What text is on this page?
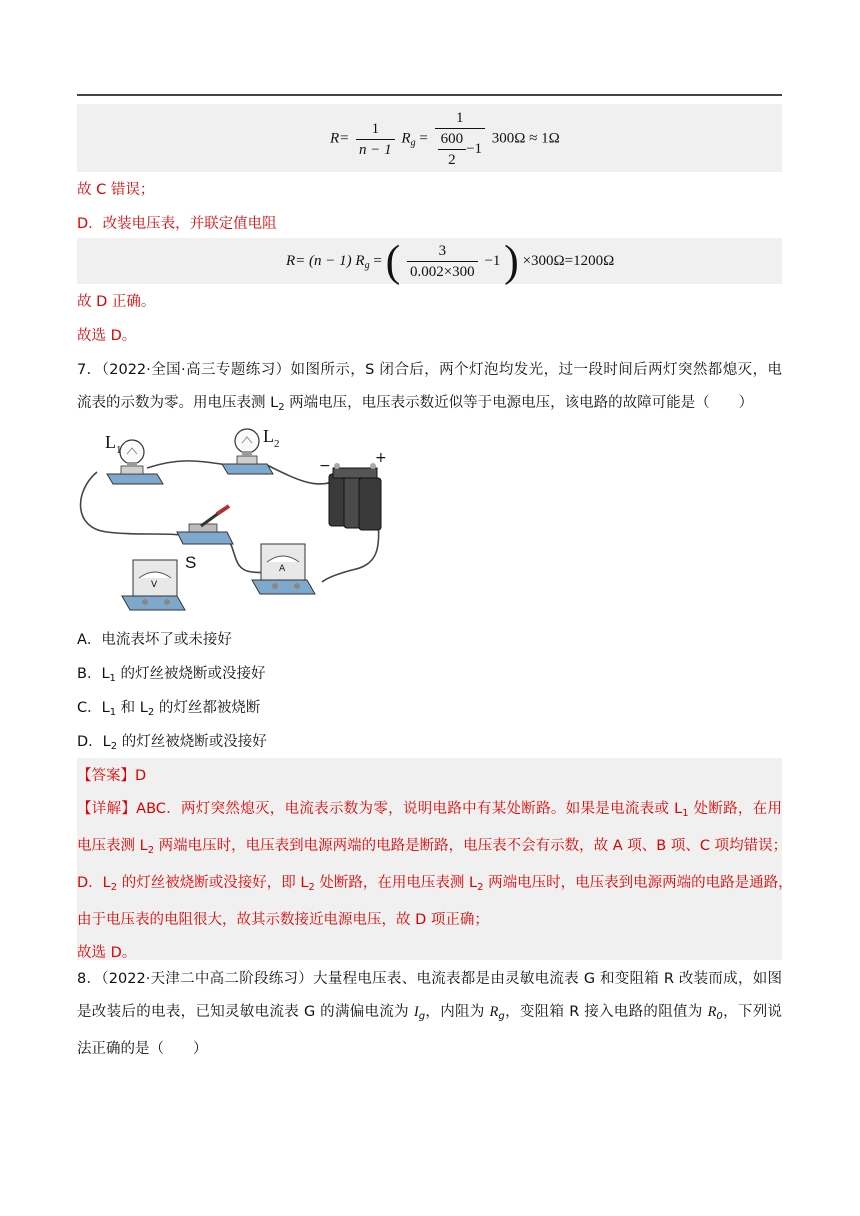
$R= \frac{1}{n - 1} R_g = \frac{1}{\frac{600}{2} -1} 300\Omega \approx 1\Omega$
故 C 错误；
D．改装电压表，并联定值电阻
R= (n − 1) $R_g$ = ( $\frac{3}{0.002\times 300} -1$ ) ×300Ω=1200Ω
故 D 正确。
故选 D。
7．（2022·全国·高三专题练习）如图所示，S 闭合后，两个灯泡均发光，过一段时间后两灯突然都熄灭，电
流表的示数为零。用电压表测 $L_2$ 两端电压，电压表示数近似等于电源电压，该电路的故障可能是（　　）
$L_1$
$L_2$
−	+
S
V
A
A．电流表坏了或未接好
B．$L_1$ 的灯丝被烧断或没接好
C．$L_1$ 和 $L_2$ 的灯丝都被烧断
D．$L_2$ 的灯丝被烧断或没接好
【答案】D
【详解】ABC．两灯突然熄灭，电流表示数为零，说明电路中有某处断路。如果是电流表或 $L_1$ 处断路，在用
电压表测 $L_2$ 两端电压时，电压表到电源两端的电路是断路，电压表不会有示数，故 A 项、B 项、C 项均错误；
D．$L_2$ 的灯丝被烧断或没接好，即 $L_2$ 处断路，在用电压表测 $L_2$ 两端电压时，电压表到电源两端的电路是通路，
由于电压表的电阻很大，故其示数接近电源电压，故 D 项正确；
故选 D。
8．（2022·天津二中高二阶段练习）大量程电压表、电流表都是由灵敏电流表 G 和变阻箱 R 改装而成，如图
是改装后的电表，已知灵敏电流表 G 的满偏电流为 $I_g$，内阻为 $R_g$，变阻箱 R 接入电路的阻值为 $R_0$，下列说
法正确的是（　　）
